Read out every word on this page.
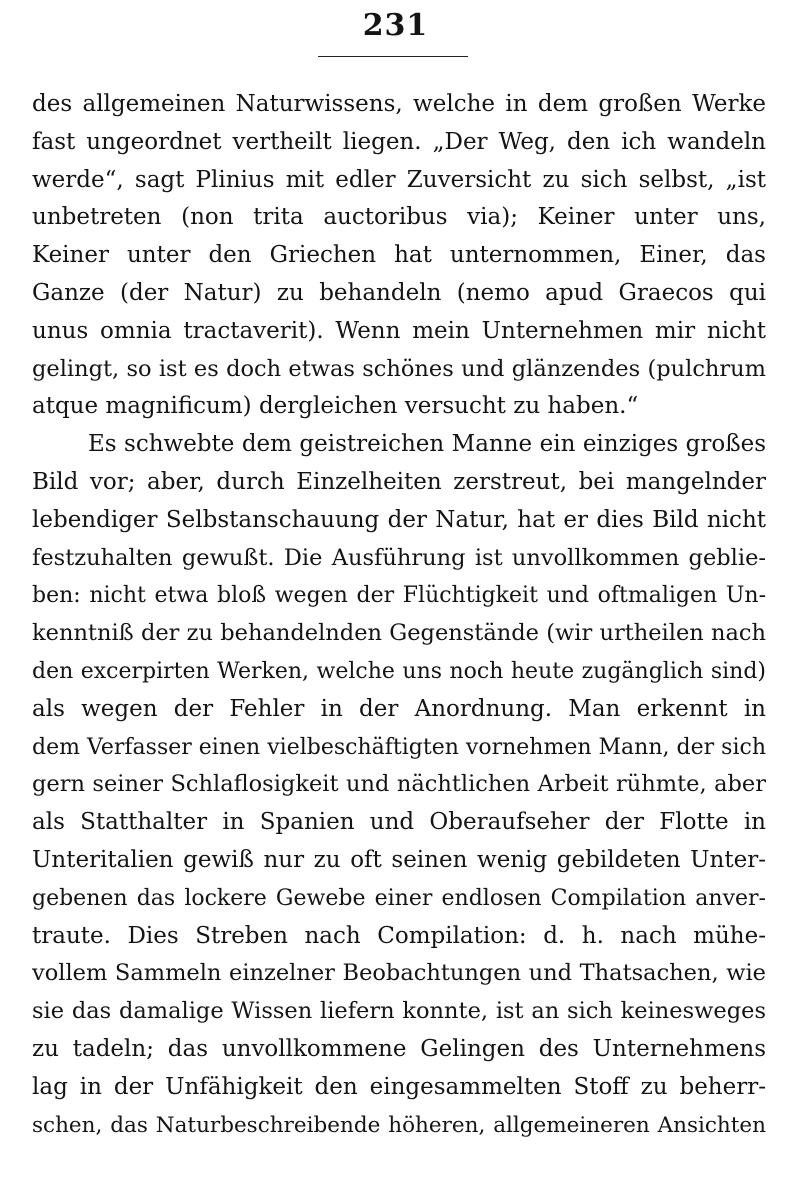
231
des allgemeinen Naturwissens, welche in dem großen Werke
fast ungeordnet vertheilt liegen. „Der Weg, den ich wandeln
werde“, sagt Plinius mit edler Zuversicht zu sich selbst, „ist
unbetreten (non trita auctoribus via); Keiner unter uns,
Keiner unter den Griechen hat unternommen, Einer, das
Ganze (der Natur) zu behandeln (nemo apud Graecos qui
unus omnia tractaverit). Wenn mein Unternehmen mir nicht
gelingt, so ist es doch etwas schönes und glänzendes (pulchrum
atque magnificum) dergleichen versucht zu haben.“
Es schwebte dem geistreichen Manne ein einziges großes
Bild vor; aber, durch Einzelheiten zerstreut, bei mangelnder
lebendiger Selbstanschauung der Natur, hat er dies Bild nicht
festzuhalten gewußt. Die Ausführung ist unvollkommen geblie-
ben: nicht etwa bloß wegen der Flüchtigkeit und oftmaligen Un-
kenntniß der zu behandelnden Gegenstände (wir urtheilen nach
den excerpirten Werken, welche uns noch heute zugänglich sind)
als wegen der Fehler in der Anordnung. Man erkennt in
dem Verfasser einen vielbeschäftigten vornehmen Mann, der sich
gern seiner Schlaflosigkeit und nächtlichen Arbeit rühmte, aber
als Statthalter in Spanien und Oberaufseher der Flotte in
Unteritalien gewiß nur zu oft seinen wenig gebildeten Unter-
gebenen das lockere Gewebe einer endlosen Compilation anver-
traute. Dies Streben nach Compilation: d. h. nach mühe-
vollem Sammeln einzelner Beobachtungen und Thatsachen, wie
sie das damalige Wissen liefern konnte, ist an sich keinesweges
zu tadeln; das unvollkommene Gelingen des Unternehmens
lag in der Unfähigkeit den eingesammelten Stoff zu beherr-
schen, das Naturbeschreibende höheren, allgemeineren Ansichten
